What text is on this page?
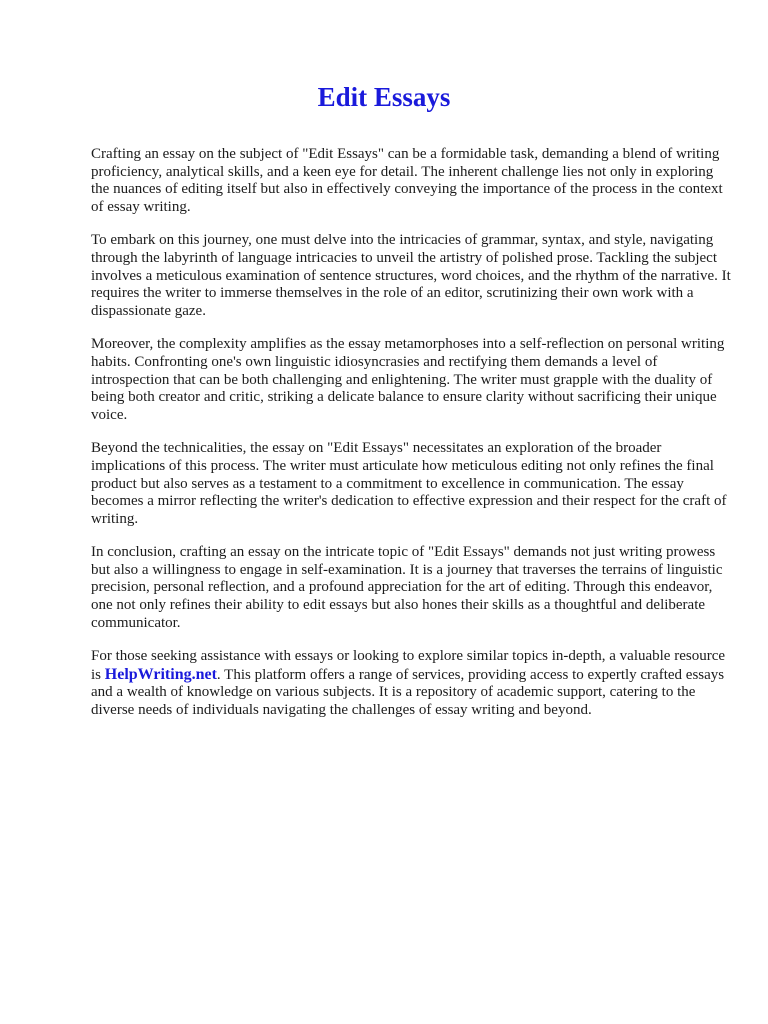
Edit Essays

Crafting an essay on the subject of "Edit Essays" can be a formidable task, demanding a blend of writing proficiency, analytical skills, and a keen eye for detail. The inherent challenge lies not only in exploring the nuances of editing itself but also in effectively conveying the importance of the process in the context of essay writing.

To embark on this journey, one must delve into the intricacies of grammar, syntax, and style, navigating through the labyrinth of language intricacies to unveil the artistry of polished prose. Tackling the subject involves a meticulous examination of sentence structures, word choices, and the rhythm of the narrative. It requires the writer to immerse themselves in the role of an editor, scrutinizing their own work with a dispassionate gaze.

Moreover, the complexity amplifies as the essay metamorphoses into a self-reflection on personal writing habits. Confronting one's own linguistic idiosyncrasies and rectifying them demands a level of introspection that can be both challenging and enlightening. The writer must grapple with the duality of being both creator and critic, striking a delicate balance to ensure clarity without sacrificing their unique voice.

Beyond the technicalities, the essay on "Edit Essays" necessitates an exploration of the broader implications of this process. The writer must articulate how meticulous editing not only refines the final product but also serves as a testament to a commitment to excellence in communication. The essay becomes a mirror reflecting the writer's dedication to effective expression and their respect for the craft of writing.

In conclusion, crafting an essay on the intricate topic of "Edit Essays" demands not just writing prowess but also a willingness to engage in self-examination. It is a journey that traverses the terrains of linguistic precision, personal reflection, and a profound appreciation for the art of editing. Through this endeavor, one not only refines their ability to edit essays but also hones their skills as a thoughtful and deliberate communicator.

For those seeking assistance with essays or looking to explore similar topics in-depth, a valuable resource is HelpWriting.net. This platform offers a range of services, providing access to expertly crafted essays and a wealth of knowledge on various subjects. It is a repository of academic support, catering to the diverse needs of individuals navigating the challenges of essay writing and beyond.
